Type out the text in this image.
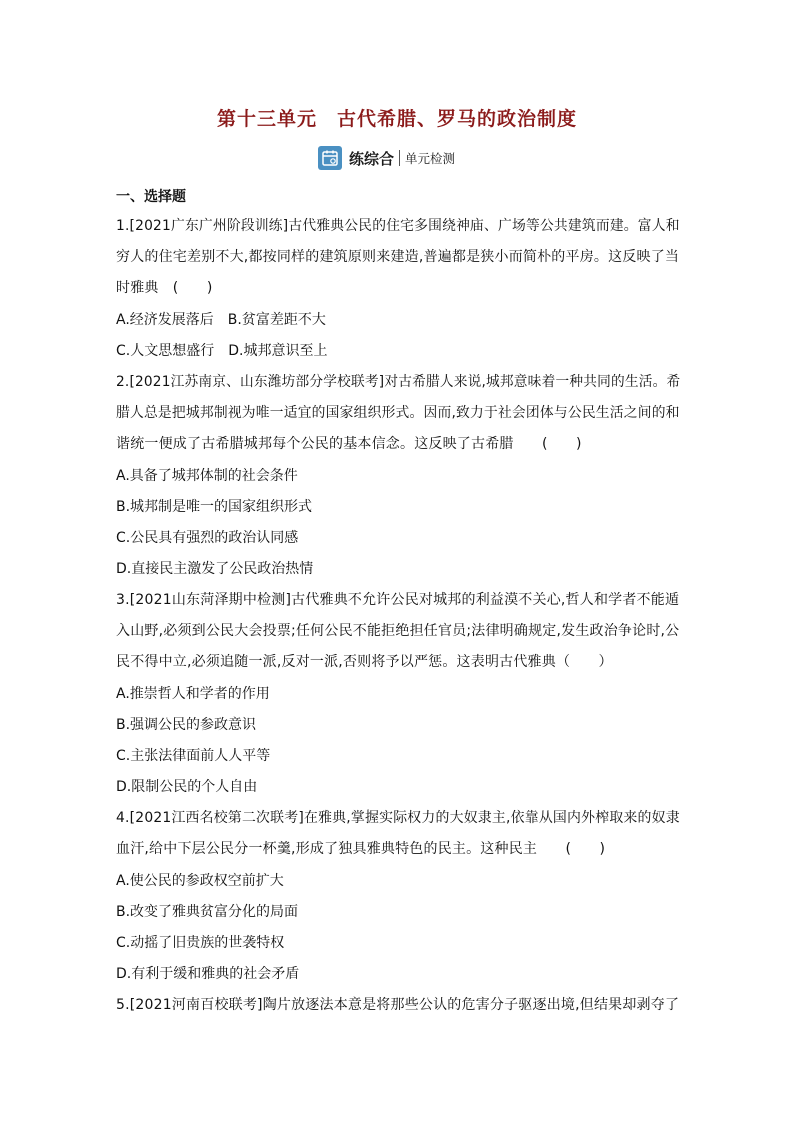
第十三单元　古代希腊、罗马的政治制度
练综合 单元检测
一、选择题
1.[2021广东广州阶段训练]古代雅典公民的住宅多围绕神庙、广场等公共建筑而建。富人和
穷人的住宅差别不大,都按同样的建筑原则来建造,普遍都是狭小而简朴的平房。这反映了当
时雅典　(　　)
A.经济发展落后　B.贫富差距不大
C.人文思想盛行　D.城邦意识至上
2.[2021江苏南京、山东潍坊部分学校联考]对古希腊人来说,城邦意味着一种共同的生活。希
腊人总是把城邦制视为唯一适宜的国家组织形式。因而,致力于社会团体与公民生活之间的和
谐统一便成了古希腊城邦每个公民的基本信念。这反映了古希腊　　(　　)
A.具备了城邦体制的社会条件
B.城邦制是唯一的国家组织形式
C.公民具有强烈的政治认同感
D.直接民主激发了公民政治热情
3.[2021山东菏泽期中检测]古代雅典不允许公民对城邦的利益漠不关心,哲人和学者不能遁
入山野,必须到公民大会投票;任何公民不能拒绝担任官员;法律明确规定,发生政治争论时,公
民不得中立,必须追随一派,反对一派,否则将予以严惩。这表明古代雅典（　　）
A.推崇哲人和学者的作用
B.强调公民的参政意识
C.主张法律面前人人平等
D.限制公民的个人自由
4.[2021江西名校第二次联考]在雅典,掌握实际权力的大奴隶主,依靠从国内外榨取来的奴隶
血汗,给中下层公民分一杯羹,形成了独具雅典特色的民主。这种民主　　(　　)
A.使公民的参政权空前扩大
B.改变了雅典贫富分化的局面
C.动摇了旧贵族的世袭特权
D.有利于缓和雅典的社会矛盾
5.[2021河南百校联考]陶片放逐法本意是将那些公认的危害分子驱逐出境,但结果却剥夺了
